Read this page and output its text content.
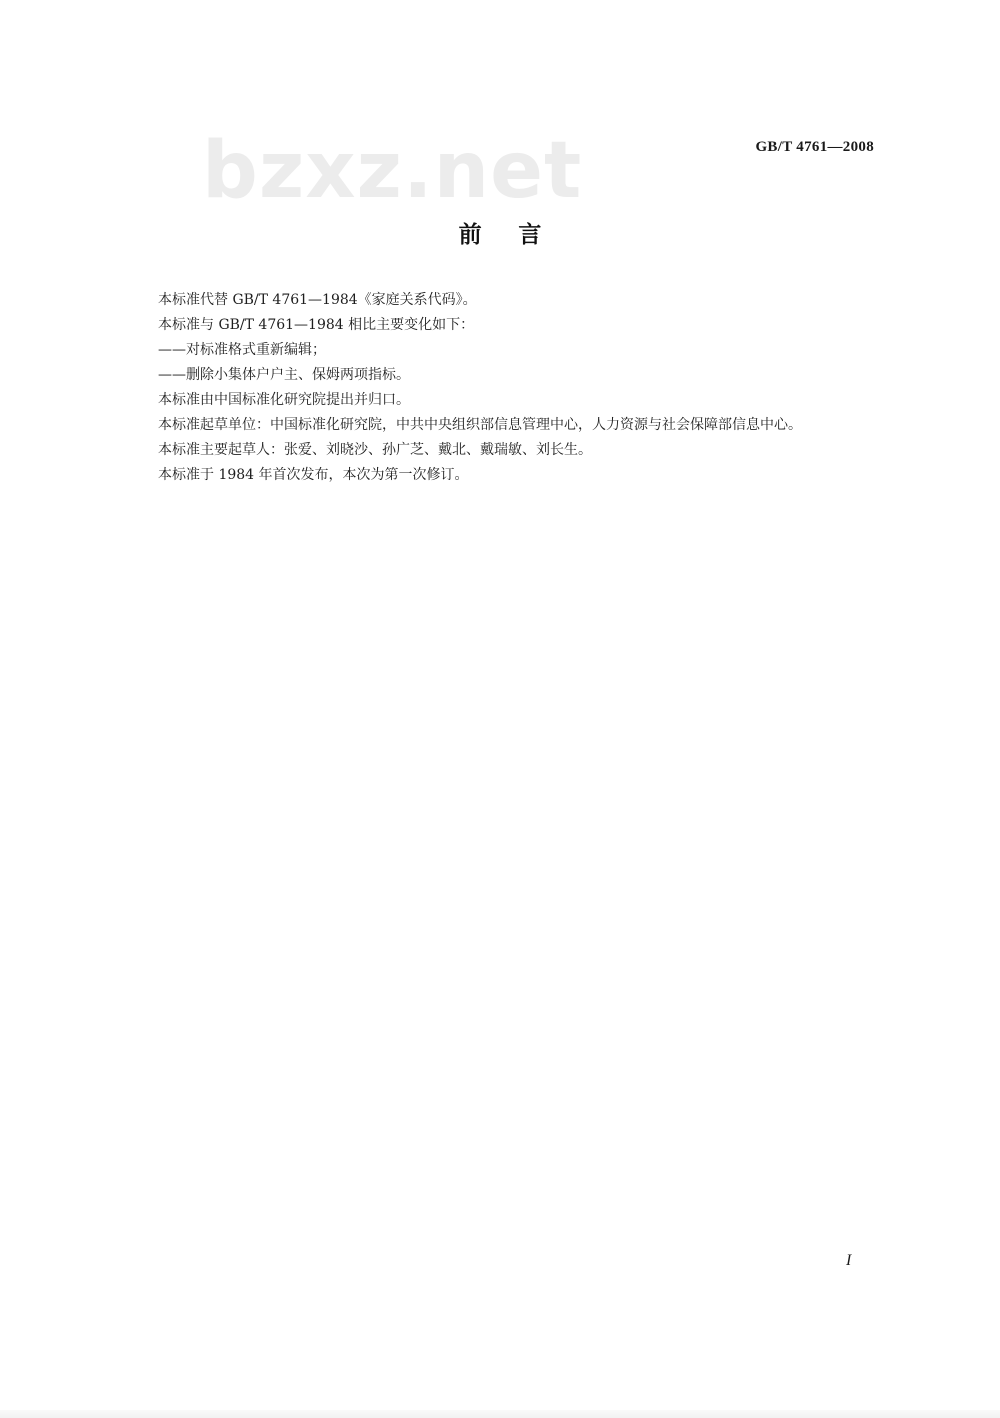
bzxz.net	GB/T 4761—2008
前言

本标准代替 GB/T 4761—1984《家庭关系代码》。

本标准与 GB/T 4761—1984 相比主要变化如下：

——对标准格式重新编辑；

——删除小集体户户主、保姆两项指标。

本标准由中国标准化研究院提出并归口。

本标准起草单位：中国标准化研究院，中共中央组织部信息管理中心，人力资源与社会保障部信息中心。

本标准主要起草人：张爱、刘晓沙、孙广芝、戴北、戴瑞敏、刘长生。

本标准于 1984 年首次发布，本次为第一次修订。

I
